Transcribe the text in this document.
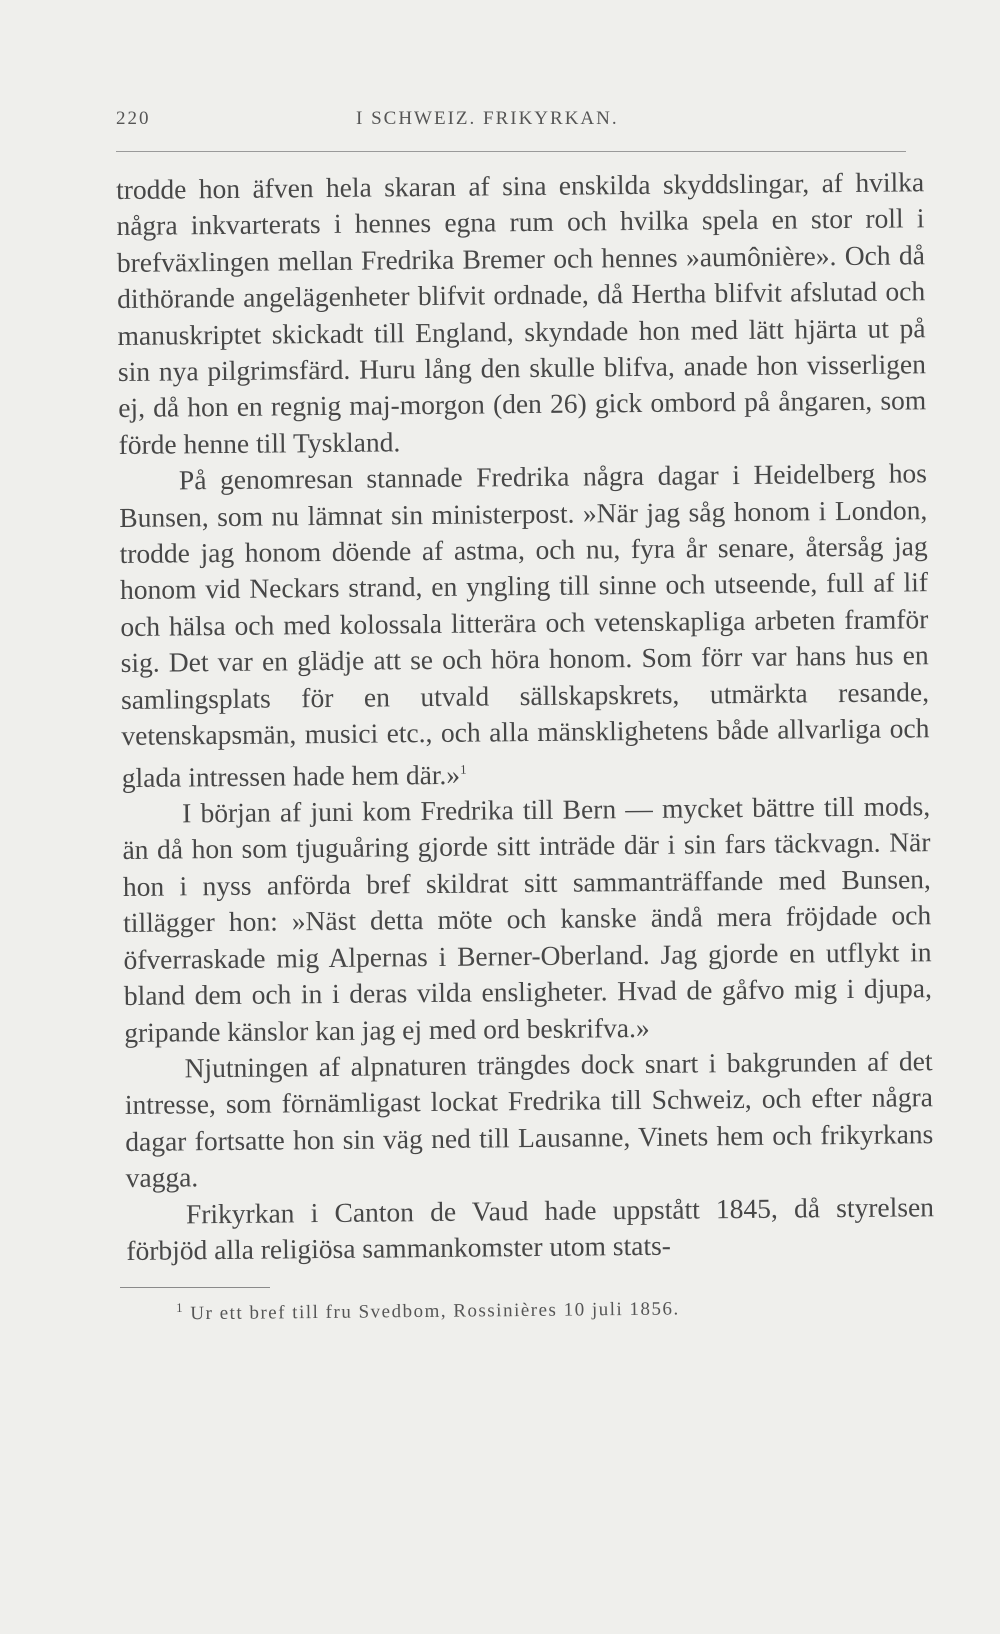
220	I SCHWEIZ. FRIKYRKAN.

trodde hon äfven hela skaran af sina enskilda skyddslingar, af hvilka några inkvarterats i hennes egna rum och hvilka spela en stor roll i brefväxlingen mellan Fredrika Bremer och hennes »aumônière». Och då dithörande angelägenheter blifvit ordnade, då Hertha blifvit afslutad och manuskriptet skickadt till England, skyndade hon med lätt hjärta ut på sin nya pilgrimsfärd. Huru lång den skulle blifva, anade hon visserligen ej, då hon en regnig maj-morgon (den 26) gick ombord på ångaren, som förde henne till Tyskland.

På genomresan stannade Fredrika några dagar i Heidelberg hos Bunsen, som nu lämnat sin ministerpost. »När jag såg honom i London, trodde jag honom döende af astma, och nu, fyra år senare, återsåg jag honom vid Neckars strand, en yngling till sinne och utseende, full af lif och hälsa och med kolossala litterära och vetenskapliga arbeten framför sig. Det var en glädje att se och höra honom. Som förr var hans hus en samlingsplats för en utvald sällskapskrets, utmärkta resande, vetenskapsmän, musici etc., och alla mänsklighetens både allvarliga och glada intressen hade hem där.»$^1$

I början af juni kom Fredrika till Bern — mycket bättre till mods, än då hon som tjuguåring gjorde sitt inträde där i sin fars täckvagn. När hon i nyss anförda bref skildrat sitt sammanträffande med Bunsen, tillägger hon: »Näst detta möte och kanske ändå mera fröjdade och öfverraskade mig Alpernas i Berner-Oberland. Jag gjorde en utflykt in bland dem och in i deras vilda ensligheter. Hvad de gåfvo mig i djupa, gripande känslor kan jag ej med ord beskrifva.»

Njutningen af alpnaturen trängdes dock snart i bakgrunden af det intresse, som förnämligast lockat Fredrika till Schweiz, och efter några dagar fortsatte hon sin väg ned till Lausanne, Vinets hem och frikyrkans vagga.

Frikyrkan i Canton de Vaud hade uppstått 1845, då styrelsen förbjöd alla religiösa sammankomster utom stats-

$^1$ Ur ett bref till fru Svedbom, Rossinières 10 juli 1856.
